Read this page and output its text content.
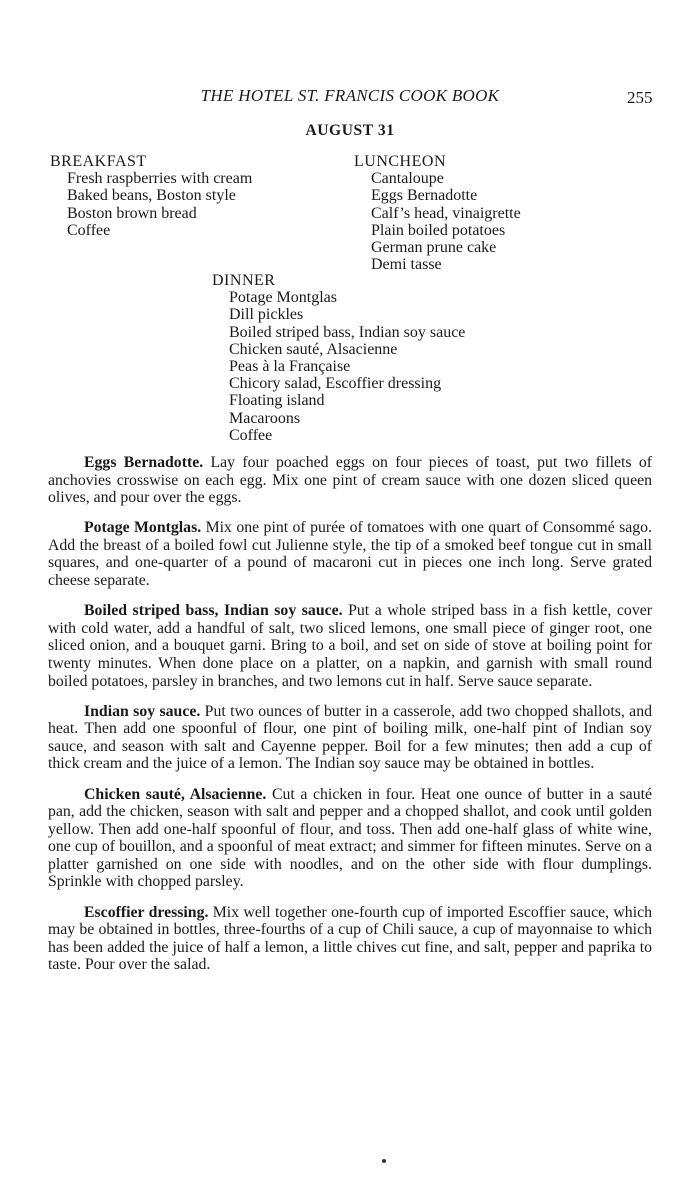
THE HOTEL ST. FRANCIS COOK BOOK	255
AUGUST 31
BREAKFAST
Fresh raspberries with cream
Baked beans, Boston style
Boston brown bread
Coffee
LUNCHEON
Cantaloupe
Eggs Bernadotte
Calf’s head, vinaigrette
Plain boiled potatoes
German prune cake
Demi tasse
DINNER
Potage Montglas
Dill pickles
Boiled striped bass, Indian soy sauce
Chicken sauté, Alsacienne
Peas à la Française
Chicory salad, Escoffier dressing
Floating island
Macaroons
Coffee

Eggs Bernadotte. Lay four poached eggs on four pieces of toast, put two fillets of anchovies crosswise on each egg. Mix one pint of cream sauce with one dozen sliced queen olives, and pour over the eggs.

Potage Montglas. Mix one pint of purée of tomatoes with one quart of Consommé sago. Add the breast of a boiled fowl cut Julienne style, the tip of a smoked beef tongue cut in small squares, and one-quarter of a pound of macaroni cut in pieces one inch long. Serve grated cheese separate.

Boiled striped bass, Indian soy sauce. Put a whole striped bass in a fish kettle, cover with cold water, add a handful of salt, two sliced lemons, one small piece of ginger root, one sliced onion, and a bouquet garni. Bring to a boil, and set on side of stove at boiling point for twenty minutes. When done place on a platter, on a napkin, and garnish with small round boiled potatoes, parsley in branches, and two lemons cut in half. Serve sauce separate.

Indian soy sauce. Put two ounces of butter in a casserole, add two chopped shallots, and heat. Then add one spoonful of flour, one pint of boiling milk, one-half pint of Indian soy sauce, and season with salt and Cayenne pepper. Boil for a few minutes; then add a cup of thick cream and the juice of a lemon. The Indian soy sauce may be obtained in bottles.

Chicken sauté, Alsacienne. Cut a chicken in four. Heat one ounce of butter in a sauté pan, add the chicken, season with salt and pepper and a chopped shallot, and cook until golden yellow. Then add one-half spoonful of flour, and toss. Then add one-half glass of white wine, one cup of bouillon, and a spoonful of meat extract; and simmer for fifteen minutes. Serve on a platter garnished on one side with noodles, and on the other side with flour dumplings. Sprinkle with chopped parsley.

Escoffier dressing. Mix well together one-fourth cup of imported Escoffier sauce, which may be obtained in bottles, three-fourths of a cup of Chili sauce, a cup of mayonnaise to which has been added the juice of half a lemon, a little chives cut fine, and salt, pepper and paprika to taste. Pour over the salad.
